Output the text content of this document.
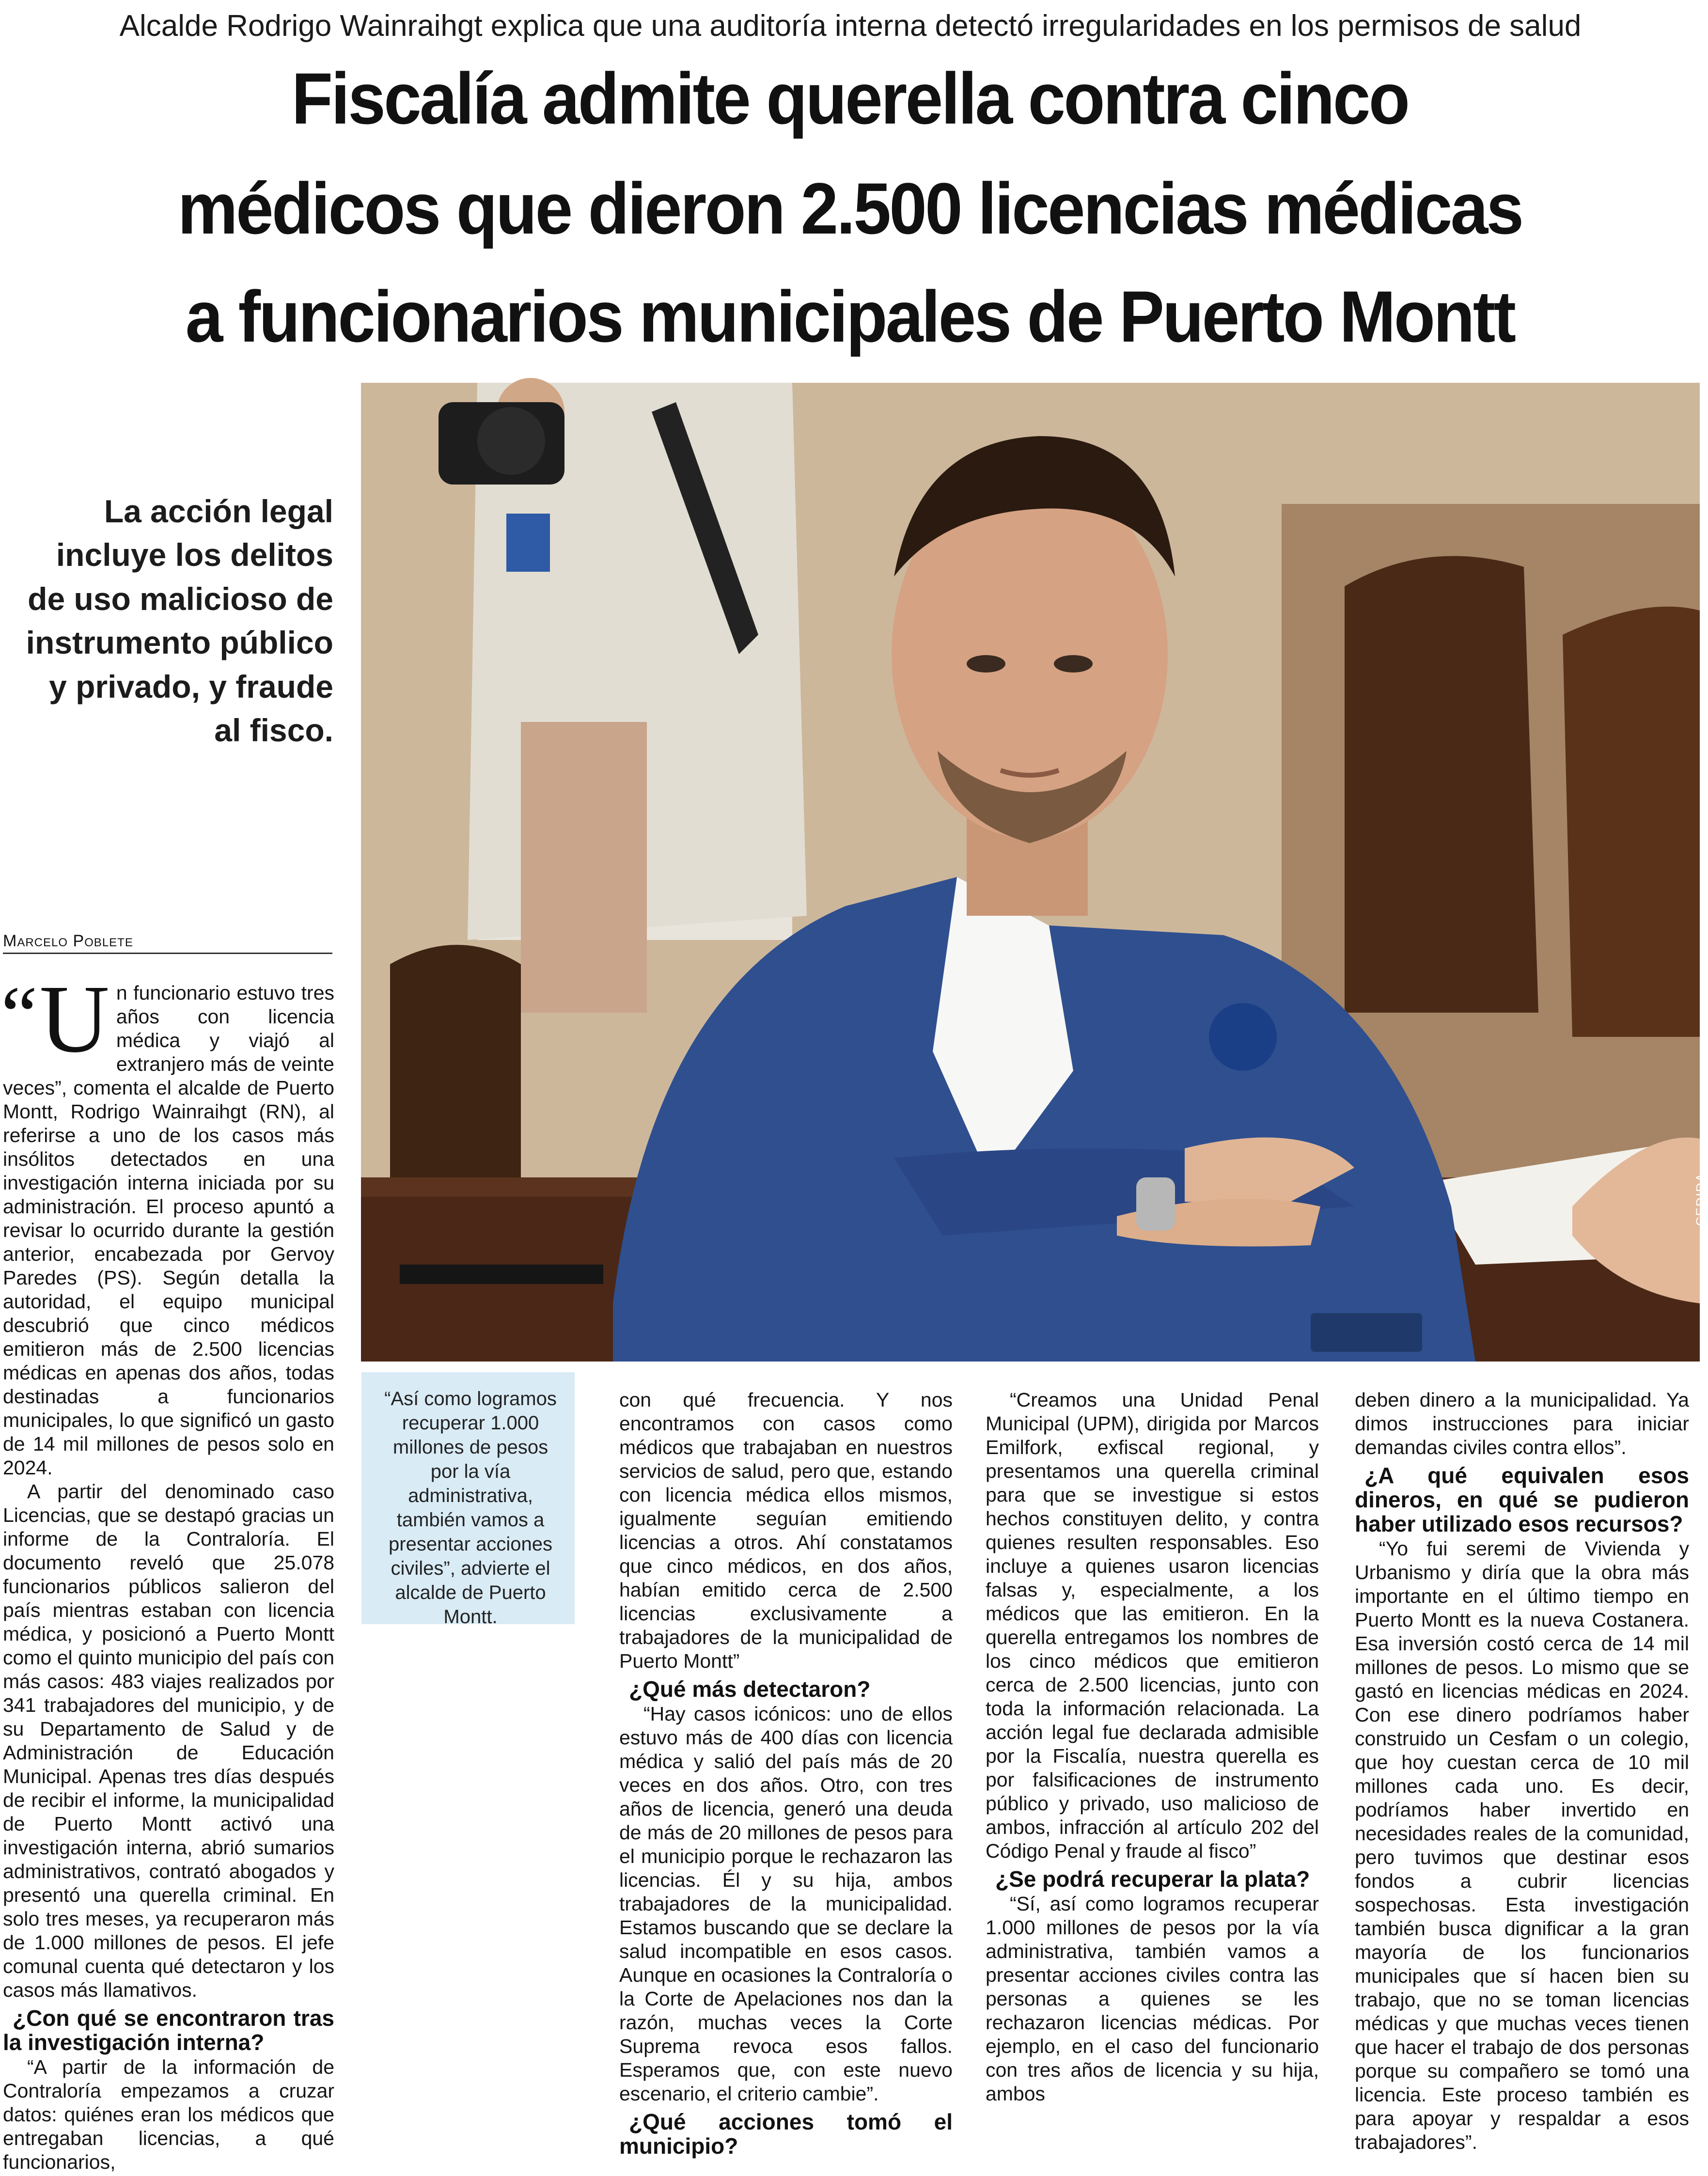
Alcalde Rodrigo Wainraihgt explica que una auditoría interna detectó irregularidades en los permisos de salud
Fiscalía admite querella contra cinco
médicos que dieron 2.500 licencias médicas
a funcionarios municipales de Puerto Montt
CEDIDA
La acción legal incluye los delitos de uso malicioso de instrumento público y privado, y fraude al fisco.
Marcelo Poblete
“Así como logramos recuperar 1.000 millones de pesos por la vía administrativa, también vamos a presentar acciones civiles”, advierte el alcalde de Puerto Montt.

“ U n funcionario estuvo tres años con licencia médica y viajó al extranjero más de veinte veces”, comenta el alcalde de Puerto Montt, Rodrigo Wainraihgt (RN), al referirse a uno de los casos más insólitos detectados en una investigación interna iniciada por su administración. El proceso apuntó a revisar lo ocurrido durante la gestión anterior, encabezada por Gervoy Paredes (PS). Según detalla la autoridad, el equipo municipal descubrió que cinco médicos emitieron más de 2.500 licencias médicas en apenas dos años, todas destinadas a funcionarios municipales, lo que significó un gasto de 14 mil millones de pesos solo en 2024.

A partir del denominado caso Licencias, que se destapó gracias un informe de la Contraloría. El documento reveló que 25.078 funcionarios públicos salieron del país mientras estaban con licencia médica, y posicionó a Puerto Montt como el quinto municipio del país con más casos: 483 viajes realizados por 341 trabajadores del municipio, y de su Departamento de Salud y de Administración de Educación Municipal. Apenas tres días después de recibir el informe, la municipalidad de Puerto Montt activó una investigación interna, abrió sumarios administrativos, contrató abogados y presentó una querella criminal. En solo tres meses, ya recuperaron más de 1.000 millones de pesos. El jefe comunal cuenta qué detectaron y los casos más llamativos.

¿Con qué se encontraron tras la investigación interna?

“A partir de la información de Contraloría empezamos a cruzar datos: quiénes eran los médicos que entregaban licencias, a qué funcionarios,

con qué frecuencia. Y nos encontramos con casos como médicos que trabajaban en nuestros servicios de salud, pero que, estando con licencia médica ellos mismos, igualmente seguían emitiendo licencias a otros. Ahí constatamos que cinco médicos, en dos años, habían emitido cerca de 2.500 licencias exclusivamente a trabajadores de la municipalidad de Puerto Montt”

¿Qué más detectaron?

“Hay casos icónicos: uno de ellos estuvo más de 400 días con licencia médica y salió del país más de 20 veces en dos años. Otro, con tres años de licencia, generó una deuda de más de 20 millones de pesos para el municipio porque le rechazaron las licencias. Él y su hija, ambos trabajadores de la municipalidad. Estamos buscando que se declare la salud incompatible en esos casos. Aunque en ocasiones la Contraloría o la Corte de Apelaciones nos dan la razón, muchas veces la Corte Suprema revoca esos fallos. Esperamos que, con este nuevo escenario, el criterio cambie”.

¿Qué acciones tomó el municipio?

“Creamos una Unidad Penal Municipal (UPM), dirigida por Marcos Emilfork, exfiscal regional, y presentamos una querella criminal para que se investigue si estos hechos constituyen delito, y contra quienes resulten responsables. Eso incluye a quienes usaron licencias falsas y, especialmente, a los médicos que las emitieron. En la querella entregamos los nombres de los cinco médicos que emitieron cerca de 2.500 licencias, junto con toda la información relacionada. La acción legal fue declarada admisible por la Fiscalía, nuestra querella es por falsificaciones de instrumento público y privado, uso malicioso de ambos, infracción al artículo 202 del Código Penal y fraude al fisco”

¿Se podrá recuperar la plata?

“Sí, así como logramos recuperar 1.000 millones de pesos por la vía administrativa, también vamos a presentar acciones civiles contra las personas a quienes se les rechazaron licencias médicas. Por ejemplo, en el caso del funcionario con tres años de licencia y su hija, ambos

deben dinero a la municipalidad. Ya dimos instrucciones para iniciar demandas civiles contra ellos”.

¿A qué equivalen esos dineros, en qué se pudieron haber utilizado esos recursos?

“Yo fui seremi de Vivienda y Urbanismo y diría que la obra más importante en el último tiempo en Puerto Montt es la nueva Costanera. Esa inversión costó cerca de 14 mil millones de pesos. Lo mismo que se gastó en licencias médicas en 2024. Con ese dinero podríamos haber construido un Cesfam o un colegio, que hoy cuestan cerca de 10 mil millones cada uno. Es decir, podríamos haber invertido en necesidades reales de la comunidad, pero tuvimos que destinar esos fondos a cubrir licencias sospechosas. Esta investigación también busca dignificar a la gran mayoría de los funcionarios municipales que sí hacen bien su trabajo, que no se toman licencias médicas y que muchas veces tienen que hacer el trabajo de dos personas porque su compañero se tomó una licencia. Este proceso también es para apoyar y respaldar a esos trabajadores”.
